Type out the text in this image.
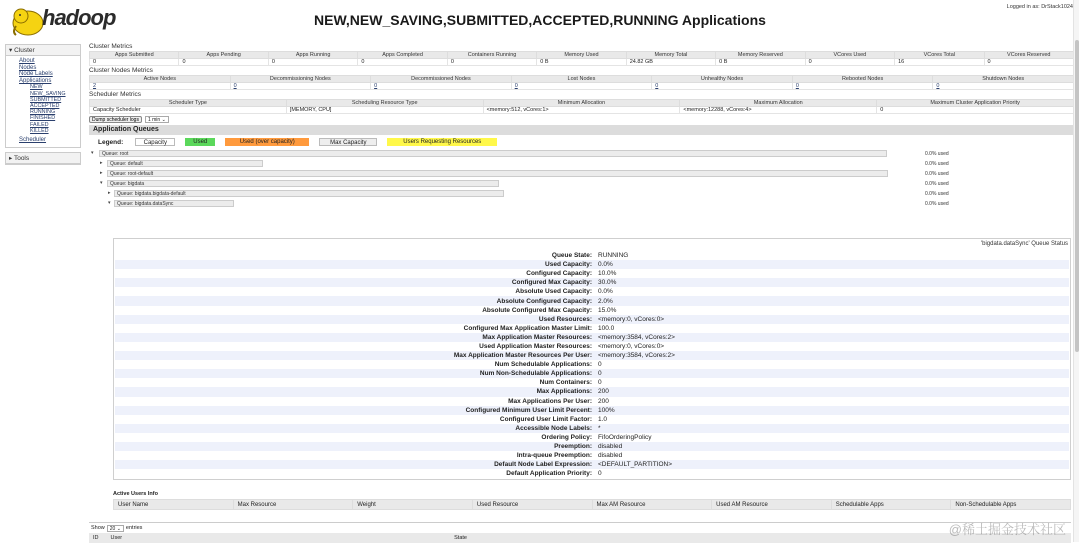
hadoop	NEW,NEW_SAVING,SUBMITTED,ACCEPTED,RUNNING Applications
Logged in as: DrStack1024
▾ Cluster
About
Nodes
Node Labels
Applications
NEW
NEW_SAVING
SUBMITTED
ACCEPTED
RUNNING
FINISHED
FAILED
KILLED
Scheduler
▸ Tools
Cluster Metrics
Apps Submitted	Apps Pending	Apps Running	Apps Completed	Containers Running	Memory Used	Memory Total	Memory Reserved	VCores Used	VCores Total	VCores Reserved
0	0	0	0	0	0 B	24.82 GB	0 B	0	16	0
Cluster Nodes Metrics
Active Nodes	Decommissioning Nodes	Decommissioned Nodes	Lost Nodes	Unhealthy Nodes	Rebooted Nodes	Shutdown Nodes
2	0	0	0	0	0	0
Scheduler Metrics
Scheduler Type	Scheduling Resource Type	Minimum Allocation	Maximum Allocation	Maximum Cluster Application Priority
Capacity Scheduler	[MEMORY, CPU]	<memory:512, vCores:1>	<memory:12288, vCores:4>	0
Dump scheduler logs	1 min ⌄
Application Queues
Legend:	Capacity	Used	Used (over capacity)	Max Capacity	Users Requesting Resources
▾	Queue: root	0.0% used
▸	Queue: default	0.0% used
▸	Queue: root-default	0.0% used
▾	Queue: bigdata	0.0% used
▸	Queue: bigdata.bigdata-default	0.0% used
▾	Queue: bigdata.dataSync	0.0% used
'bigdata.dataSync' Queue Status
Queue State: RUNNING
Used Capacity: 0.0%
Configured Capacity: 10.0%
Configured Max Capacity: 30.0%
Absolute Used Capacity: 0.0%
Absolute Configured Capacity: 2.0%
Absolute Configured Max Capacity: 15.0%
Used Resources: <memory:0, vCores:0>
Configured Max Application Master Limit: 100.0
Max Application Master Resources: <memory:3584, vCores:2>
Used Application Master Resources: <memory:0, vCores:0>
Max Application Master Resources Per User: <memory:3584, vCores:2>
Num Schedulable Applications: 0
Num Non-Schedulable Applications: 0
Num Containers: 0
Max Applications: 200
Max Applications Per User: 200
Configured Minimum User Limit Percent: 100%
Configured User Limit Factor: 1.0
Accessible Node Labels: *
Ordering Policy: FifoOrderingPolicy
Preemption: disabled
Intra-queue Preemption: disabled
Default Node Label Expression: <DEFAULT_PARTITION>
Default Application Priority: 0
Active Users Info
User Name	Max Resource	Weight	Used Resource	Max AM Resource	Used AM Resource	Schedulable Apps	Non-Schedulable Apps
Show	20 ⌄ entries
ID User	State
@稀土掘金技术社区
